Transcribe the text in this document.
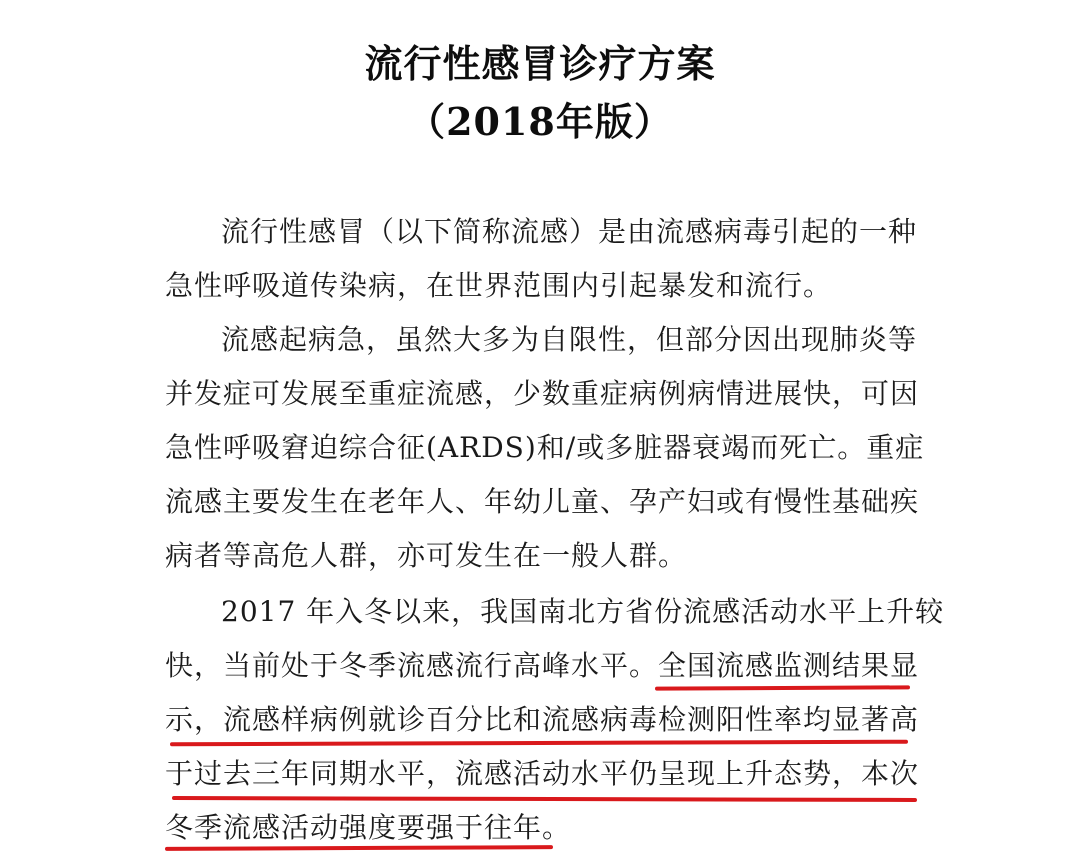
流行性感冒诊疗方案
（2018年版）
流行性感冒（以下简称流感）是由流感病毒引起的一种
急性呼吸道传染病，在世界范围内引起暴发和流行。
流感起病急，虽然大多为自限性，但部分因出现肺炎等
并发症可发展至重症流感，少数重症病例病情进展快，可因
急性呼吸窘迫综合征(ARDS)和/或多脏器衰竭而死亡。重症
流感主要发生在老年人、年幼儿童、孕产妇或有慢性基础疾
病者等高危人群，亦可发生在一般人群。
2017 年入冬以来，我国南北方省份流感活动水平上升较
快，当前处于冬季流感流行高峰水平。全国流感监测结果显
示，流感样病例就诊百分比和流感病毒检测阳性率均显著高
于过去三年同期水平，流感活动水平仍呈现上升态势，本次
冬季流感活动强度要强于往年。
